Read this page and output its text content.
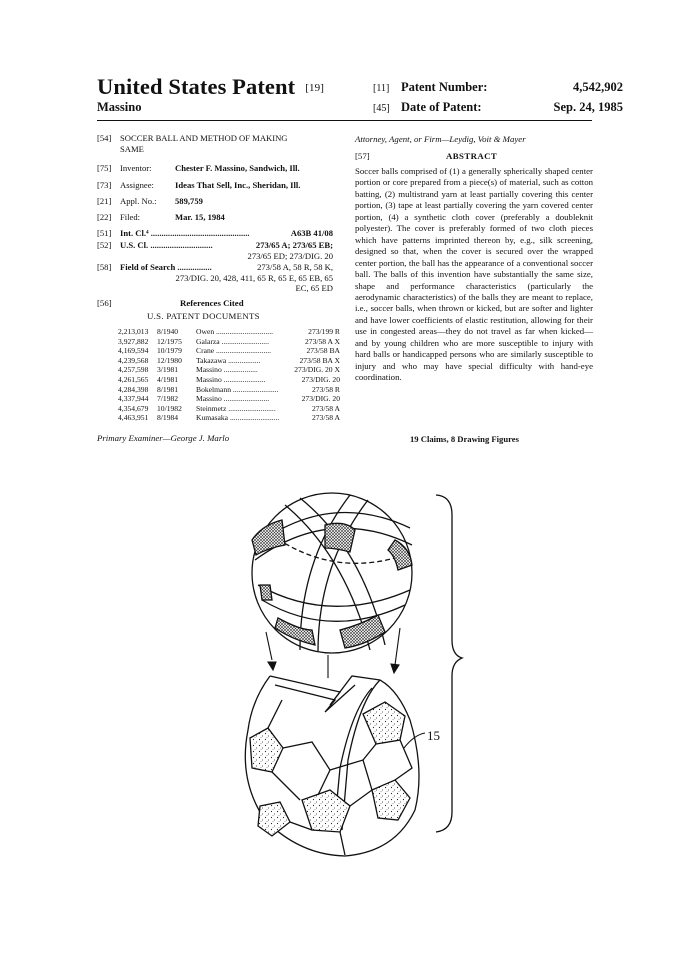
United States Patent [19]
Massino
[11] Patent Number:	4,542,902
[45] Date of Patent:	Sep. 24, 1985
[54]	SOCCER BALL AND METHOD OF MAKING
SAME
[75]	Inventor:	Chester F. Massino, Sandwich, Ill.
[73]	Assignee:	Ideas That Sell, Inc., Sheridan, Ill.
[21]	Appl. No.:	589,759
[22]	Filed:	Mar. 15, 1984
[51]	Int. Cl.⁴ ..............................................	A63B 41/08
[52]	U.S. Cl. .............................	273/65 A; 273/65 EB;
273/65 ED; 273/DIG. 20
[58]	Field of Search ................	273/58 A, 58 R, 58 K,
273/DIG. 20, 428, 411, 65 R, 65 E, 65 EB, 65
EC, 65 ED
[56]	References Cited
U.S. PATENT DOCUMENTS
2,213,013 8/1940 Owen ..............................	273/199 R
3,927,882 12/1975 Galarza .........................	273/58 A X
4,169,594 10/1979 Crane .............................	273/58 BA
4,239,568 12/1980 Takazawa .................	273/58 BA X
4,257,598 3/1981 Massino ..................	273/DIG. 20 X
4,261,565 4/1981 Massino ......................	273/DIG. 20
4,284,398 8/1981 Bokelmann ........................	273/58 R
4,337,944 7/1982 Massino ........................	273/DIG. 20
4,354,679 10/1982 Steinmetz .........................	273/58 A
4,463,951 8/1984 Kumasaka ..........................	273/58 A
Primary Examiner—George J. Marlo
Attorney, Agent, or Firm—Leydig, Voit & Mayer
[57]	ABSTRACT
Soccer balls comprised of (1) a generally spherically shaped center portion or core prepared from a piece(s) of material, such as cotton batting, (2) multistrand yarn at least partially covering this center portion, (3) tape at least partially covering the yarn covered center portion, (4) a synthetic cloth cover (preferably a doubleknit polyester). The cover is preferably formed of two cloth pieces which have patterns imprinted thereon by, e.g., silk screening, designed so that, when the cover is secured over the wrapped center portion, the ball has the appearance of a conventional soccer ball. The balls of this invention have substantially the same size, shape and performance characteristics (particularly the aerodynamic characteristics) of the balls they are meant to replace, i.e., soccer balls, when thrown or kicked, but are softer and lighter and have lower coefficients of elastic restitution, allowing for their use in congested areas—they do not travel as far when kicked—and by young children who are more susceptible to injury with hard balls or handicapped persons who are similarly susceptible to injury and who may have special difficulty with hand-eye coordination.
19 Claims, 8 Drawing Figures
15
